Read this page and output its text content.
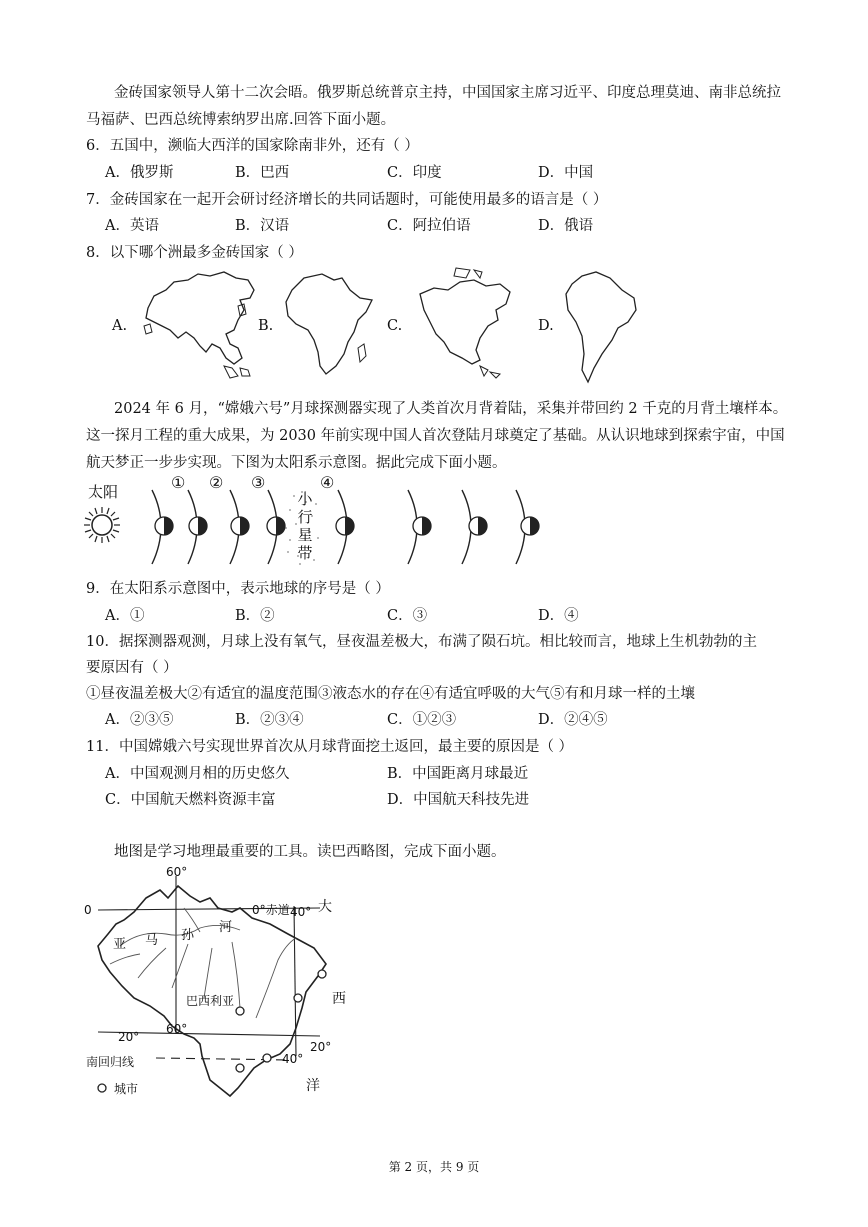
金砖国家领导人第十二次会晤。俄罗斯总统普京主持，中国国家主席习近平、印度总理莫迪、南非总统拉马福萨、巴西总统博索纳罗出席.回答下面小题。
6．五国中，濒临大西洋的国家除南非外，还有（ ）
A．俄罗斯	B．巴西	C．印度	D．中国
7．金砖国家在一起开会研讨经济增长的共同话题时，可能使用最多的语言是（ ）
A．英语	B．汉语	C．阿拉伯语	D．俄语
8．以下哪个洲最多金砖国家（ ）
A.	B.	C.	D.
2024 年 6 月，“嫦娥六号”月球探测器实现了人类首次月背着陆，采集并带回约 2 千克的月背土壤样本。这一探月工程的重大成果，为 2030 年前实现中国人首次登陆月球奠定了基础。从认识地球到探索宇宙，中国航天梦正一步步实现。下图为太阳系示意图。据此完成下面小题。
太阳	① ② ③	④
小
行
星
带
9．在太阳系示意图中，表示地球的序号是（ ）
A．①	B．②	C．③	D．④
10．据探测器观测，月球上没有氧气，昼夜温差极大，布满了陨石坑。相比较而言，地球上生机勃勃的主
要原因有（ ）
①昼夜温差极大②有适宜的温度范围③液态水的存在④有适宜呼吸的大气⑤有和月球一样的土壤
A．②③⑤	B．②③④	C．①②③	D．②④⑤
11．中国嫦娥六号实现世界首次从月球背面挖土返回，最主要的原因是（ ）
A．中国观测月相的历史悠久	B．中国距离月球最近
C．中国航天燃料资源丰富	D．中国航天科技先进
地图是学习地理最重要的工具。读巴西略图，完成下面小题。
60°
0	0°赤道 40° 大
西
洋
亚 马 孙
河
巴西利亚
20°
60°
20°
南回归线	40°
城市
第 2 页，共 9 页
